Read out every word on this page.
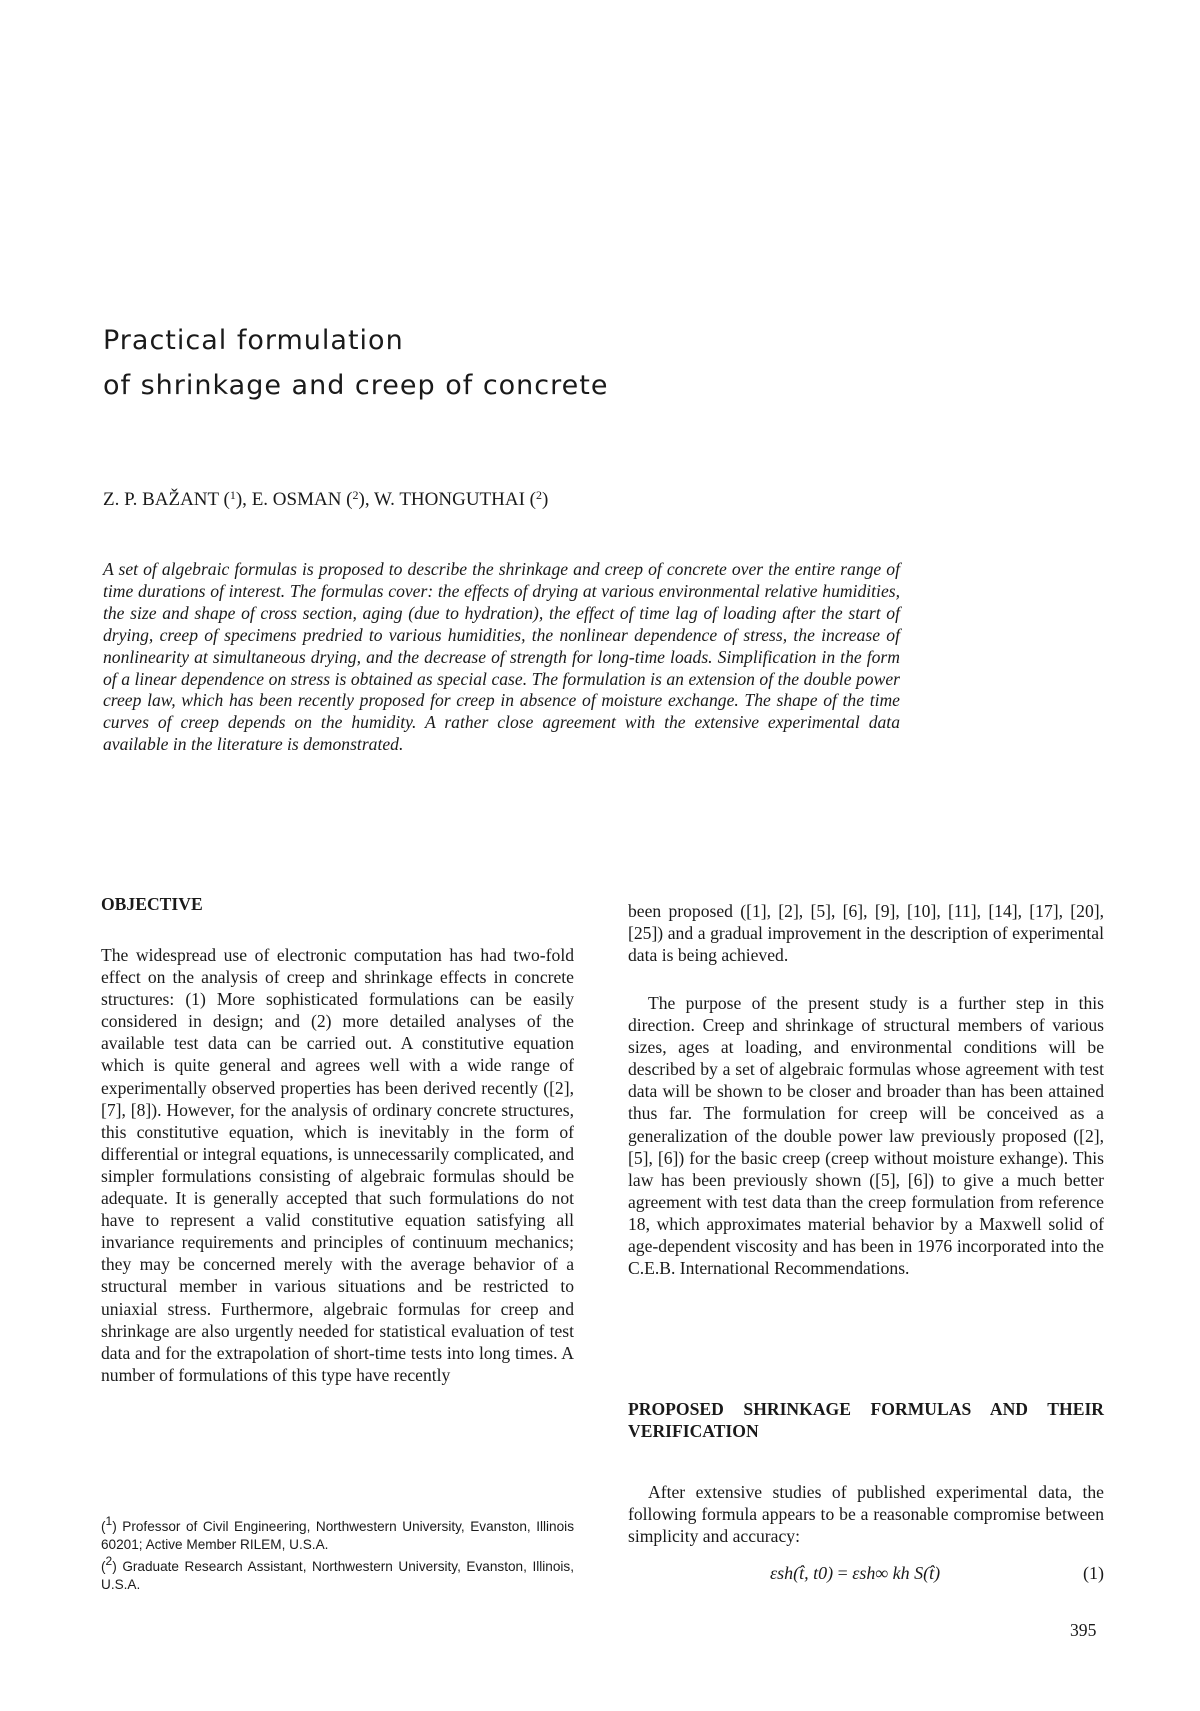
Practical formulation
of shrinkage and creep of concrete
Z. P. BAŽANT ($^1$), E. OSMAN ($^2$), W. THONGUTHAI ($^2$)

A set of algebraic formulas is proposed to describe the shrinkage and creep of concrete over the entire range of time durations of interest. The formulas cover: the effects of drying at various environmental relative humidities, the size and shape of cross section, aging (due to hydration), the effect of time lag of loading after the start of drying, creep of specimens predried to various humidities, the nonlinear dependence of stress, the increase of nonlinearity at simultaneous drying, and the decrease of strength for long-time loads. Simplification in the form of a linear dependence on stress is obtained as special case. The formulation is an extension of the double power creep law, which has been recently proposed for creep in absence of moisture exchange. The shape of the time curves of creep depends on the humidity. A rather close agreement with the extensive experimental data available in the literature is demonstrated.

OBJECTIVE

The widespread use of electronic computation has had two-fold effect on the analysis of creep and shrinkage effects in concrete structures: (1) More sophisticated formulations can be easily considered in design; and (2) more detailed analyses of the available test data can be carried out. A constitutive equation which is quite general and agrees well with a wide range of experimentally observed properties has been derived recently ([2], [7], [8]). However, for the analysis of ordinary concrete structures, this constitutive equation, which is inevitably in the form of differential or integral equations, is unnecessarily complicated, and simpler formulations consisting of algebraic formulas should be adequate. It is generally accepted that such formulations do not have to represent a valid constitutive equation satisfying all invariance requirements and principles of continuum mechanics; they may be concerned merely with the average behavior of a structural member in various situations and be restricted to uniaxial stress. Furthermore, algebraic formulas for creep and shrinkage are also urgently needed for statistical evaluation of test data and for the extrapolation of short-time tests into long times. A number of formulations of this type have recently

($^1$) Professor of Civil Engineering, Northwestern University, Evanston, Illinois 60201; Active Member RILEM, U.S.A.

($^2$) Graduate Research Assistant, Northwestern University, Evanston, Illinois, U.S.A.

been proposed ([1], [2], [5], [6], [9], [10], [11], [14], [17], [20], [25]) and a gradual improvement in the description of experimental data is being achieved.

The purpose of the present study is a further step in this direction. Creep and shrinkage of structural members of various sizes, ages at loading, and environmental conditions will be described by a set of algebraic formulas whose agreement with test data will be shown to be closer and broader than has been attained thus far. The formulation for creep will be conceived as a generalization of the double power law previously proposed ([2], [5], [6]) for the basic creep (creep without moisture exhange). This law has been previously shown ([5], [6]) to give a much better agreement with test data than the creep formulation from reference 18, which approximates material behavior by a Maxwell solid of age-dependent viscosity and has been in 1976 incorporated into the C.E.B. International Recommendations.

PROPOSED SHRINKAGE FORMULAS AND THEIR VERIFICATION

After extensive studies of published experimental data, the following formula appears to be a reasonable compromise between simplicity and accuracy:

εsh(t̂, t0) = εsh∞ kh S(t̂)	(1)
395
